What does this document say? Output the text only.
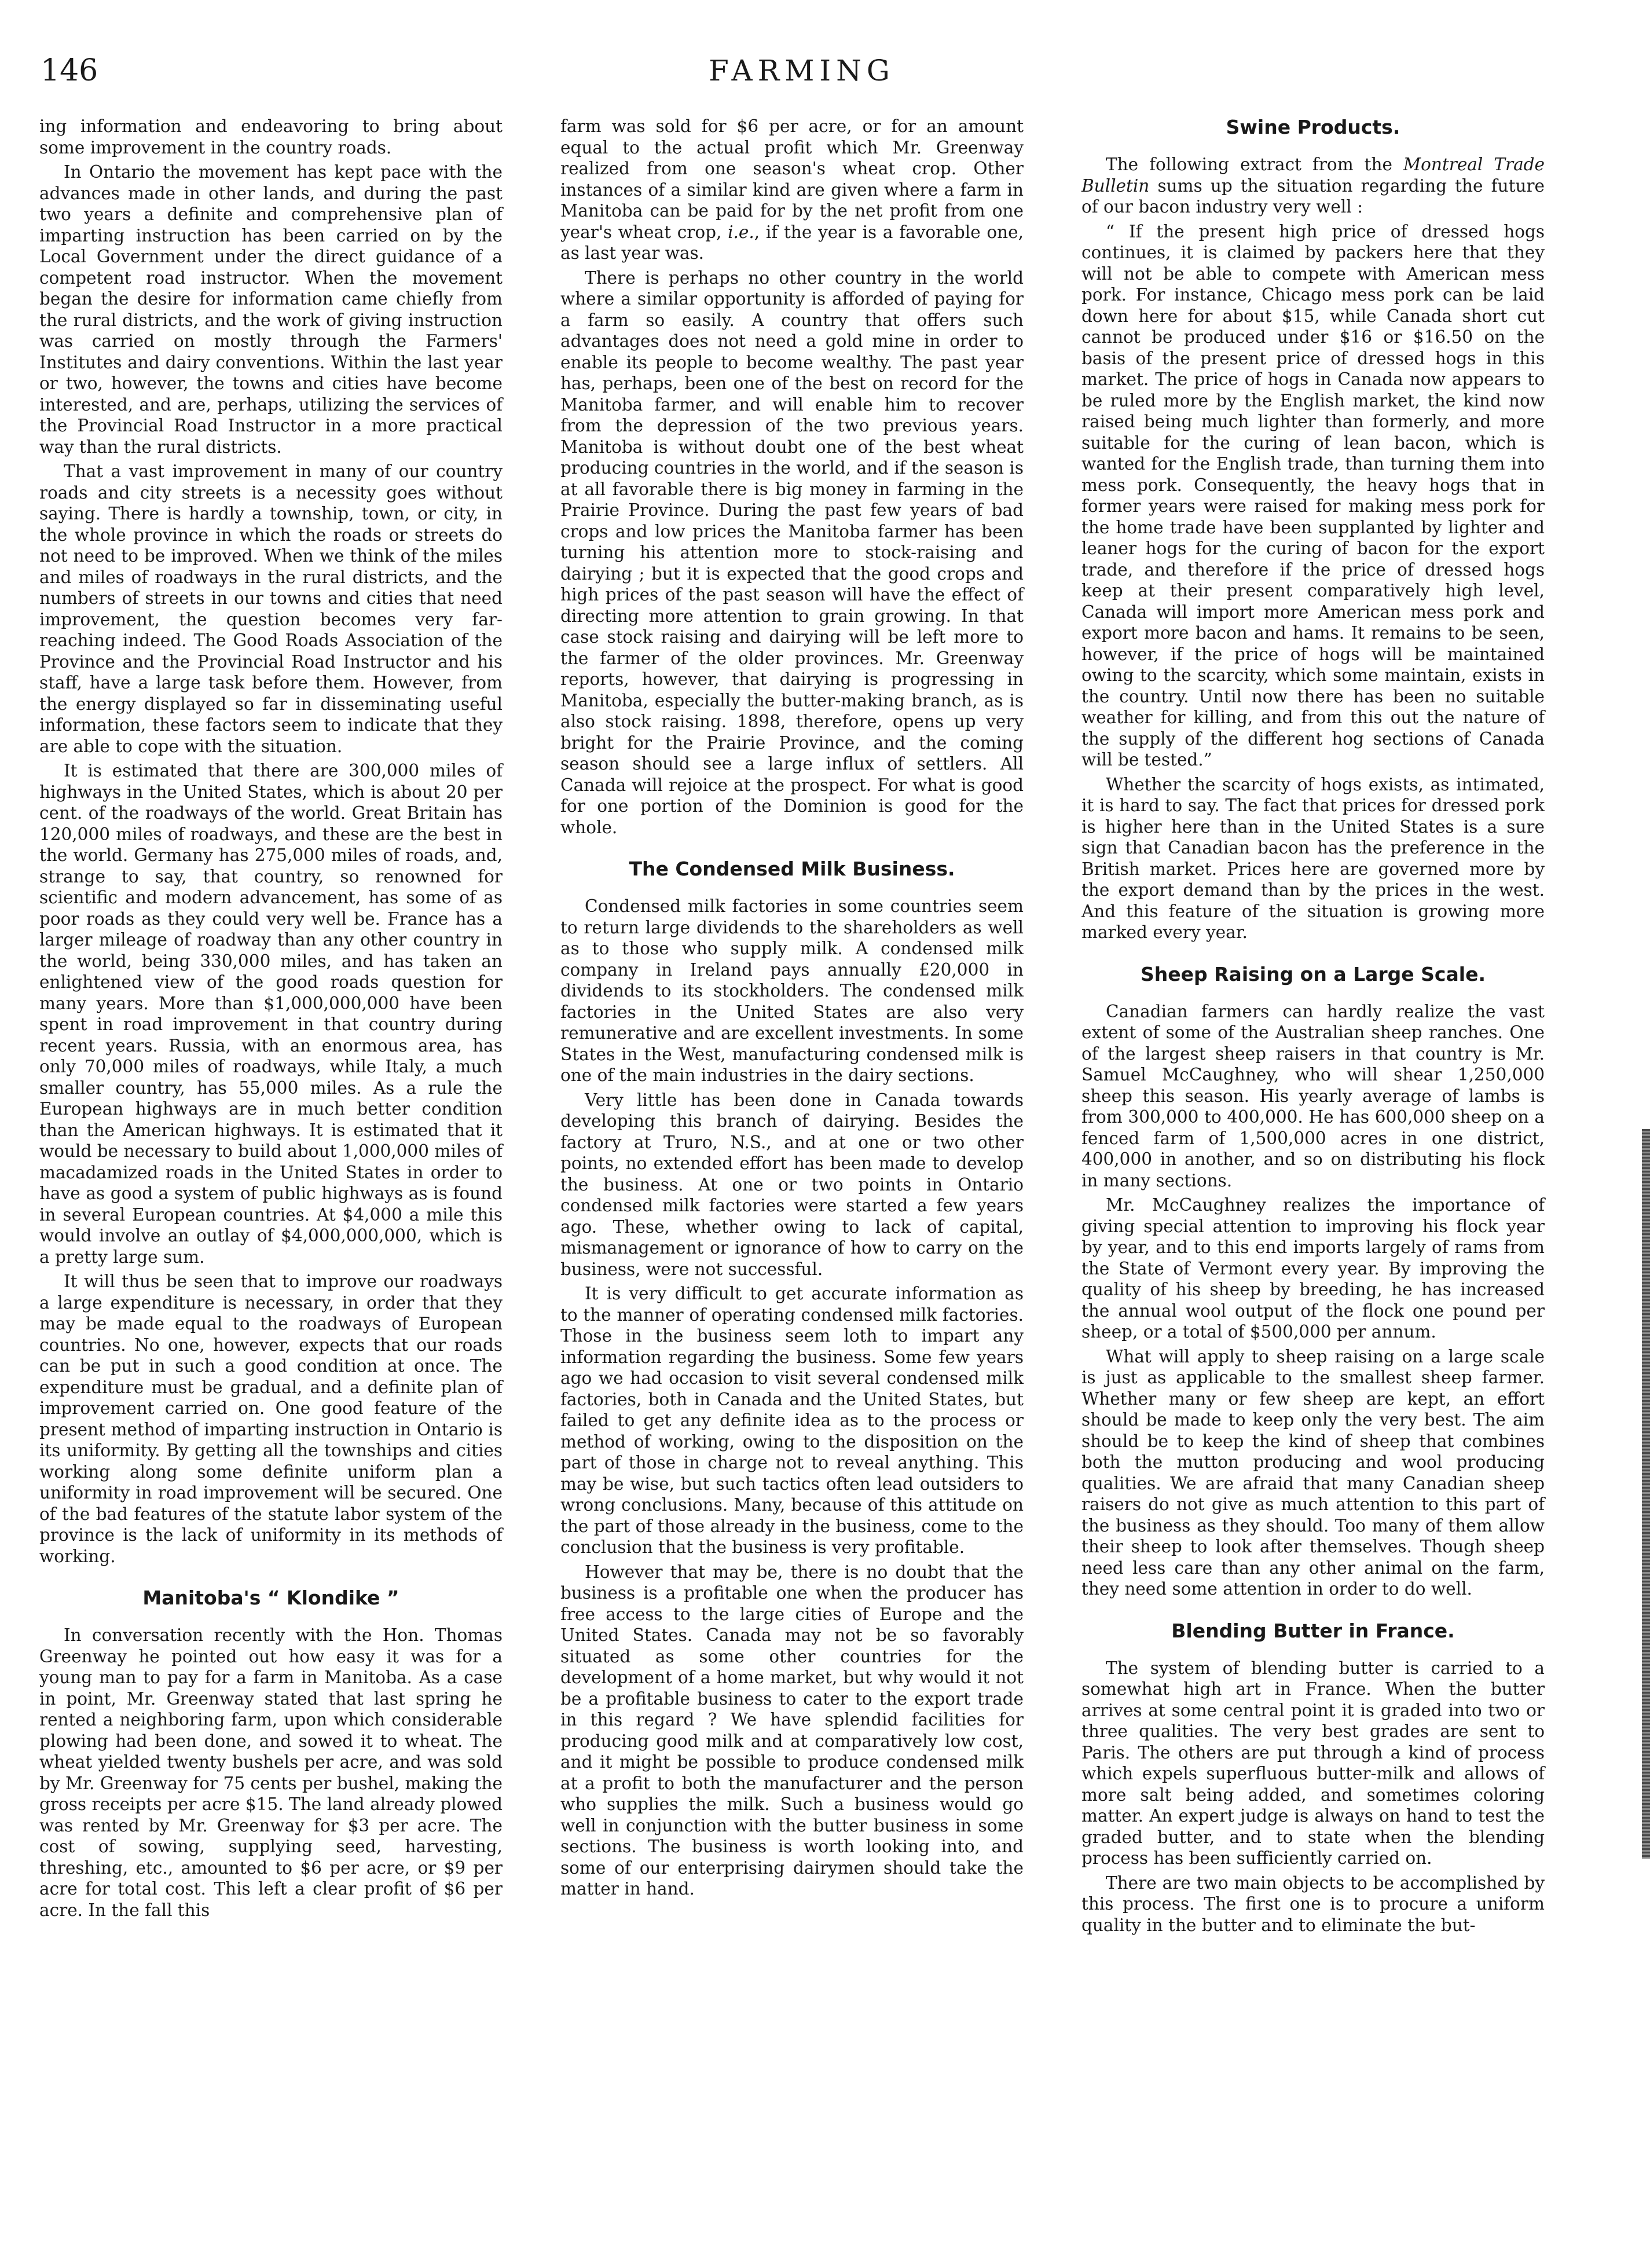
146	FARMING

ing information and endeavoring to bring about some improvement in the country roads.

In Ontario the movement has kept pace with the advances made in other lands, and during the past two years a definite and comprehensive plan of imparting instruction has been carried on by the Local Government under the direct guidance of a competent road instructor. When the movement began the desire for information came chiefly from the rural districts, and the work of giving instruction was carried on mostly through the Farmers' Institutes and dairy conventions. Within the last year or two, however, the towns and cities have become interested, and are, perhaps, utilizing the services of the Provincial Road Instructor in a more practical way than the rural districts.

That a vast improvement in many of our country roads and city streets is a necessity goes without saying. There is hardly a township, town, or city, in the whole province in which the roads or streets do not need to be improved. When we think of the miles and miles of roadways in the rural districts, and the numbers of streets in our towns and cities that need improvement, the question becomes very far-reaching indeed. The Good Roads Association of the Province and the Provincial Road Instructor and his staff, have a large task before them. However, from the energy displayed so far in disseminating useful information, these factors seem to indicate that they are able to cope with the situation.

It is estimated that there are 300,000 miles of highways in the United States, which is about 20 per cent. of the roadways of the world. Great Britain has 120,000 miles of roadways, and these are the best in the world. Germany has 275,000 miles of roads, and, strange to say, that country, so renowned for scientific and modern advancement, has some of as poor roads as they could very well be. France has a larger mileage of roadway than any other country in the world, being 330,000 miles, and has taken an enlightened view of the good roads question for many years. More than $1,000,000,000 have been spent in road improvement in that country during recent years. Russia, with an enormous area, has only 70,000 miles of roadways, while Italy, a much smaller country, has 55,000 miles. As a rule the European highways are in much better condition than the American highways. It is estimated that it would be necessary to build about 1,000,000 miles of macadamized roads in the United States in order to have as good a system of public highways as is found in several European countries. At $4,000 a mile this would involve an outlay of $4,000,000,000, which is a pretty large sum.

It will thus be seen that to improve our roadways a large expenditure is necessary, in order that they may be made equal to the roadways of European countries. No one, however, expects that our roads can be put in such a good condition at once. The expenditure must be gradual, and a definite plan of improvement carried on. One good feature of the present method of imparting instruction in Ontario is its uniformity. By getting all the townships and cities working along some definite uniform plan a uniformity in road improvement will be secured. One of the bad features of the statute labor system of the province is the lack of uniformity in its methods of working.

Manitoba's “ Klondike ”

In conversation recently with the Hon. Thomas Greenway he pointed out how easy it was for a young man to pay for a farm in Manitoba. As a case in point, Mr. Greenway stated that last spring he rented a neighboring farm, upon which considerable plowing had been done, and sowed it to wheat. The wheat yielded twenty bushels per acre, and was sold by Mr. Greenway for 75 cents per bushel, making the gross receipts per acre $15. The land already plowed was rented by Mr. Greenway for $3 per acre. The cost of sowing, supplying seed, harvesting, threshing, etc., amounted to $6 per acre, or $9 per acre for total cost. This left a clear profit of $6 per acre. In the fall this

farm was sold for $6 per acre, or for an amount equal to the actual profit which Mr. Greenway realized from one season's wheat crop. Other instances of a similar kind are given where a farm in Manitoba can be paid for by the net profit from one year's wheat crop, i.e., if the year is a favorable one, as last year was.

There is perhaps no other country in the world where a similar opportunity is afforded of paying for a farm so easily. A country that offers such advantages does not need a gold mine in order to enable its people to become wealthy. The past year has, perhaps, been one of the best on record for the Manitoba farmer, and will enable him to recover from the depression of the two previous years. Manitoba is without doubt one of the best wheat producing countries in the world, and if the season is at all favorable there is big money in farming in the Prairie Province. During the past few years of bad crops and low prices the Manitoba farmer has been turning his attention more to stock-raising and dairying ; but it is expected that the good crops and high prices of the past season will have the effect of directing more attention to grain growing. In that case stock raising and dairying will be left more to the farmer of the older provinces. Mr. Greenway reports, however, that dairying is progressing in Manitoba, especially the butter-making branch, as is also stock raising. 1898, therefore, opens up very bright for the Prairie Province, and the coming season should see a large influx of settlers. All Canada will rejoice at the prospect. For what is good for one portion of the Dominion is good for the whole.

The Condensed Milk Business.

Condensed milk factories in some countries seem to return large dividends to the shareholders as well as to those who supply milk. A condensed milk company in Ireland pays annually £20,000 in dividends to its stockholders. The condensed milk factories in the United States are also very remunerative and are excellent investments. In some States in the West, manufacturing condensed milk is one of the main industries in the dairy sections.

Very little has been done in Canada towards developing this branch of dairying. Besides the factory at Truro, N.S., and at one or two other points, no extended effort has been made to develop the business. At one or two points in Ontario condensed milk factories were started a few years ago. These, whether owing to lack of capital, mismanagement or ignorance of how to carry on the business, were not successful.

It is very difficult to get accurate information as to the manner of operating condensed milk factories. Those in the business seem loth to impart any information regarding the business. Some few years ago we had occasion to visit several condensed milk factories, both in Canada and the United States, but failed to get any definite idea as to the process or method of working, owing to the disposition on the part of those in charge not to reveal anything. This may be wise, but such tactics often lead outsiders to wrong conclusions. Many, because of this attitude on the part of those already in the business, come to the conclusion that the business is very profitable.

However that may be, there is no doubt that the business is a profitable one when the producer has free access to the large cities of Europe and the United States. Canada may not be so favorably situated as some other countries for the development of a home market, but why would it not be a profitable business to cater to the export trade in this regard ? We have splendid facilities for producing good milk and at comparatively low cost, and it might be possible to produce condensed milk at a profit to both the manufacturer and the person who supplies the milk. Such a business would go well in conjunction with the butter business in some sections. The business is worth looking into, and some of our enterprising dairymen should take the matter in hand.

Swine Products.

The following extract from the Montreal Trade Bulletin sums up the situation regarding the future of our bacon industry very well :

“ If the present high price of dressed hogs continues, it is claimed by packers here that they will not be able to compete with American mess pork. For instance, Chicago mess pork can be laid down here for about $15, while Canada short cut cannot be produced under $16 or $16.50 on the basis of the present price of dressed hogs in this market. The price of hogs in Canada now appears to be ruled more by the English market, the kind now raised being much lighter than formerly, and more suitable for the curing of lean bacon, which is wanted for the English trade, than turning them into mess pork. Consequently, the heavy hogs that in former years were raised for making mess pork for the home trade have been supplanted by lighter and leaner hogs for the curing of bacon for the export trade, and therefore if the price of dressed hogs keep at their present comparatively high level, Canada will import more American mess pork and export more bacon and hams. It remains to be seen, however, if the price of hogs will be maintained owing to the scarcity, which some maintain, exists in the country. Until now there has been no suitable weather for killing, and from this out the nature of the supply of the different hog sections of Canada will be tested.”

Whether the scarcity of hogs exists, as intimated, it is hard to say. The fact that prices for dressed pork is higher here than in the United States is a sure sign that Canadian bacon has the preference in the British market. Prices here are governed more by the export demand than by the prices in the west. And this feature of the situation is growing more marked every year.

Sheep Raising on a Large Scale.

Canadian farmers can hardly realize the vast extent of some of the Australian sheep ranches. One of the largest sheep raisers in that country is Mr. Samuel McCaughney, who will shear 1,250,000 sheep this season. His yearly average of lambs is from 300,000 to 400,000. He has 600,000 sheep on a fenced farm of 1,500,000 acres in one district, 400,000 in another, and so on distributing his flock in many sections.

Mr. McCaughney realizes the importance of giving special attention to improving his flock year by year, and to this end imports largely of rams from the State of Vermont every year. By improving the quality of his sheep by breeding, he has increased the annual wool output of the flock one pound per sheep, or a total of $500,000 per annum.

What will apply to sheep raising on a large scale is just as applicable to the smallest sheep farmer. Whether many or few sheep are kept, an effort should be made to keep only the very best. The aim should be to keep the kind of sheep that combines both the mutton producing and wool producing qualities. We are afraid that many Canadian sheep raisers do not give as much attention to this part of the business as they should. Too many of them allow their sheep to look after themselves. Though sheep need less care than any other animal on the farm, they need some attention in order to do well.

Blending Butter in France.

The system of blending butter is carried to a somewhat high art in France. When the butter arrives at some central point it is graded into two or three qualities. The very best grades are sent to Paris. The others are put through a kind of process which expels superfluous butter-milk and allows of more salt being added, and sometimes coloring matter. An expert judge is always on hand to test the graded butter, and to state when the blending process has been sufficiently carried on.

There are two main objects to be accomplished by this process. The first one is to procure a uniform quality in the butter and to eliminate the but-
